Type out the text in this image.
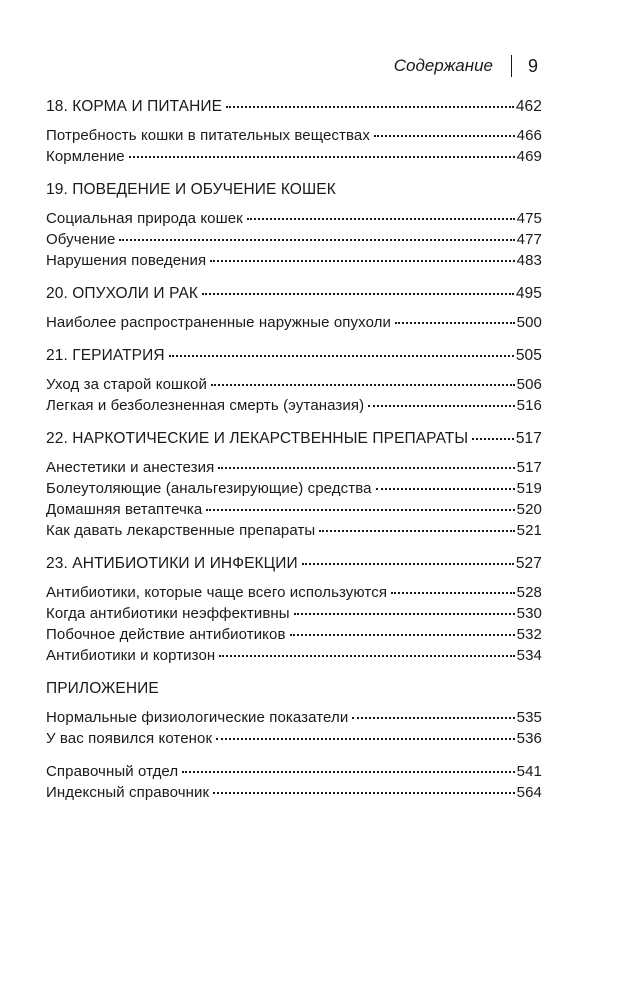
Содержание 9
18. КОРМА И ПИТАНИЕ	462
Потребность кошки в питательных веществах	466
Кормление	469
19. ПОВЕДЕНИЕ И ОБУЧЕНИЕ КОШЕК
Социальная природа кошек	475
Обучение	477
Нарушения поведения	483
20. ОПУХОЛИ И РАК	495
Наиболее распространенные наружные опухоли	500
21. ГЕРИАТРИЯ	505
Уход за старой кошкой	506
Легкая и безболезненная смерть (эутаназия)	516
22. НАРКОТИЧЕСКИЕ И ЛЕКАРСТВЕННЫЕ ПРЕПАРАТЫ	517
Анестетики и анестезия	517
Болеутоляющие (анальгезирующие) средства	519
Домашняя ветаптечка	520
Как давать лекарственные препараты	521
23. АНТИБИОТИКИ И ИНФЕКЦИИ	527
Антибиотики, которые чаще всего используются	528
Когда антибиотики неэффективны	530
Побочное действие антибиотиков	532
Антибиотики и кортизон	534
ПРИЛОЖЕНИЕ
Нормальные физиологические показатели	535
У вас появился котенок	536
Справочный отдел	541
Индексный справочник	564
